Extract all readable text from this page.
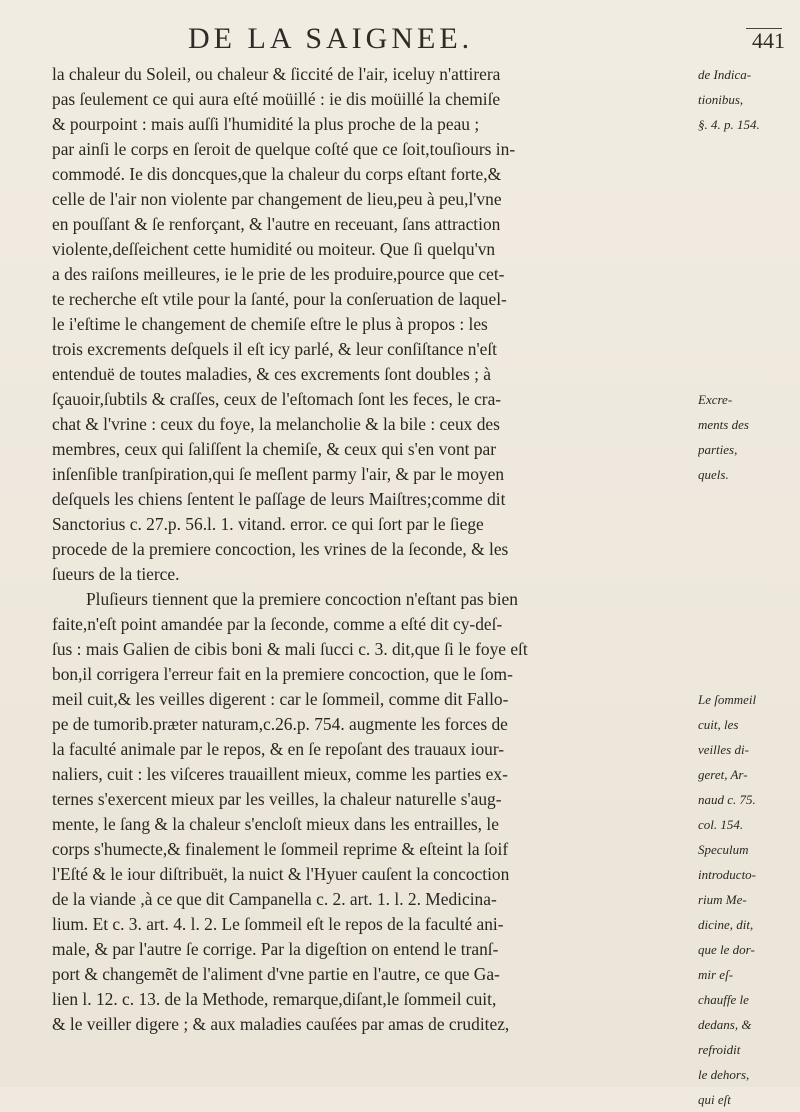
DE LA SAIGNEE.	441
la chaleur du Soleil, ou chaleur & ſiccité de l'air, iceluy n'attirera
pas ſeulement ce qui aura eſté moüillé : ie dis moüillé la chemiſe
& pourpoint : mais auſſi l'humidité la plus proche de la peau ;
par ainſi le corps en ſeroit de quelque coſté que ce ſoit,touſiours in-
commodé. Ie dis doncques,que la chaleur du corps eſtant forte,&
celle de l'air non violente par changement de lieu,peu à peu,l'vne
en pouſſant & ſe renforçant, & l'autre en receuant, ſans attraction
violente,deſſeichent cette humidité ou moiteur. Que ſi quelqu'vn
a des raiſons meilleures, ie le prie de les produire,pource que cet-
te recherche eſt vtile pour la ſanté, pour la conſeruation de laquel-
le i'eſtime le changement de chemiſe eſtre le plus à propos : les
trois excrements deſquels il eſt icy parlé, & leur conſiſtance n'eſt
entenduë de toutes maladies, & ces excrements ſont doubles ; à
ſçauoir,ſubtils & craſſes, ceux de l'eſtomach ſont les feces, le cra-
chat & l'vrine : ceux du foye, la melancholie & la bile : ceux des
membres, ceux qui ſaliſſent la chemiſe, & ceux qui s'en vont par
inſenſible tranſpiration,qui ſe meſlent parmy l'air, & par le moyen
deſquels les chiens ſentent le paſſage de leurs Maiſtres;comme dit
Sanctorius c. 27.p. 56.l. 1. vitand. error. ce qui ſort par le ſiege
procede de la premiere concoction, les vrines de la ſeconde, & les
ſueurs de la tierce.
Pluſieurs tiennent que la premiere concoction n'eſtant pas bien
faite,n'eſt point amandée par la ſeconde, comme a eſté dit cy-deſ-
ſus : mais Galien de cibis boni & mali ſucci c. 3. dit,que ſi le foye eſt
bon,il corrigera l'erreur fait en la premiere concoction, que le ſom-
meil cuit,& les veilles digerent : car le ſommeil, comme dit Fallo-
pe de tumorib.præter naturam,c.26.p. 754. augmente les forces de
la faculté animale par le repos, & en ſe repoſant des trauaux iour-
naliers, cuit : les viſceres trauaillent mieux, comme les parties ex-
ternes s'exercent mieux par les veilles, la chaleur naturelle s'aug-
mente, le ſang & la chaleur s'encloſt mieux dans les entrailles, le
corps s'humecte,& finalement le ſommeil reprime & eſteint la ſoif
l'Eſté & le iour diſtribuët, la nuict & l'Hyuer cauſent la concoction
de la viande ,à ce que dit Campanella c. 2. art. 1. l. 2. Medicina-
lium. Et c. 3. art. 4. l. 2. Le ſommeil eſt le repos de la faculté ani-
male, & par l'autre ſe corrige. Par la digeſtion on entend le tranſ-
port & changemẽt de l'aliment d'vne partie en l'autre, ce que Ga-
lien l. 12. c. 13. de la Methode, remarque,diſant,le ſommeil cuit,
& le veiller digere ; & aux maladies cauſées par amas de cruditez,
de Indica-
tionibus,
§. 4. p. 154.
Excre-
ments des
parties,
quels.
Le ſommeil
cuit, les
veilles di-
geret, Ar-
naud c. 75.
col. 154.
Speculum
introducto-
rium Me-
dicine, dit,
que le dor-
mir eſ-
chauffe le
dedans, &
refroidit
le dehors,
qui eſt
